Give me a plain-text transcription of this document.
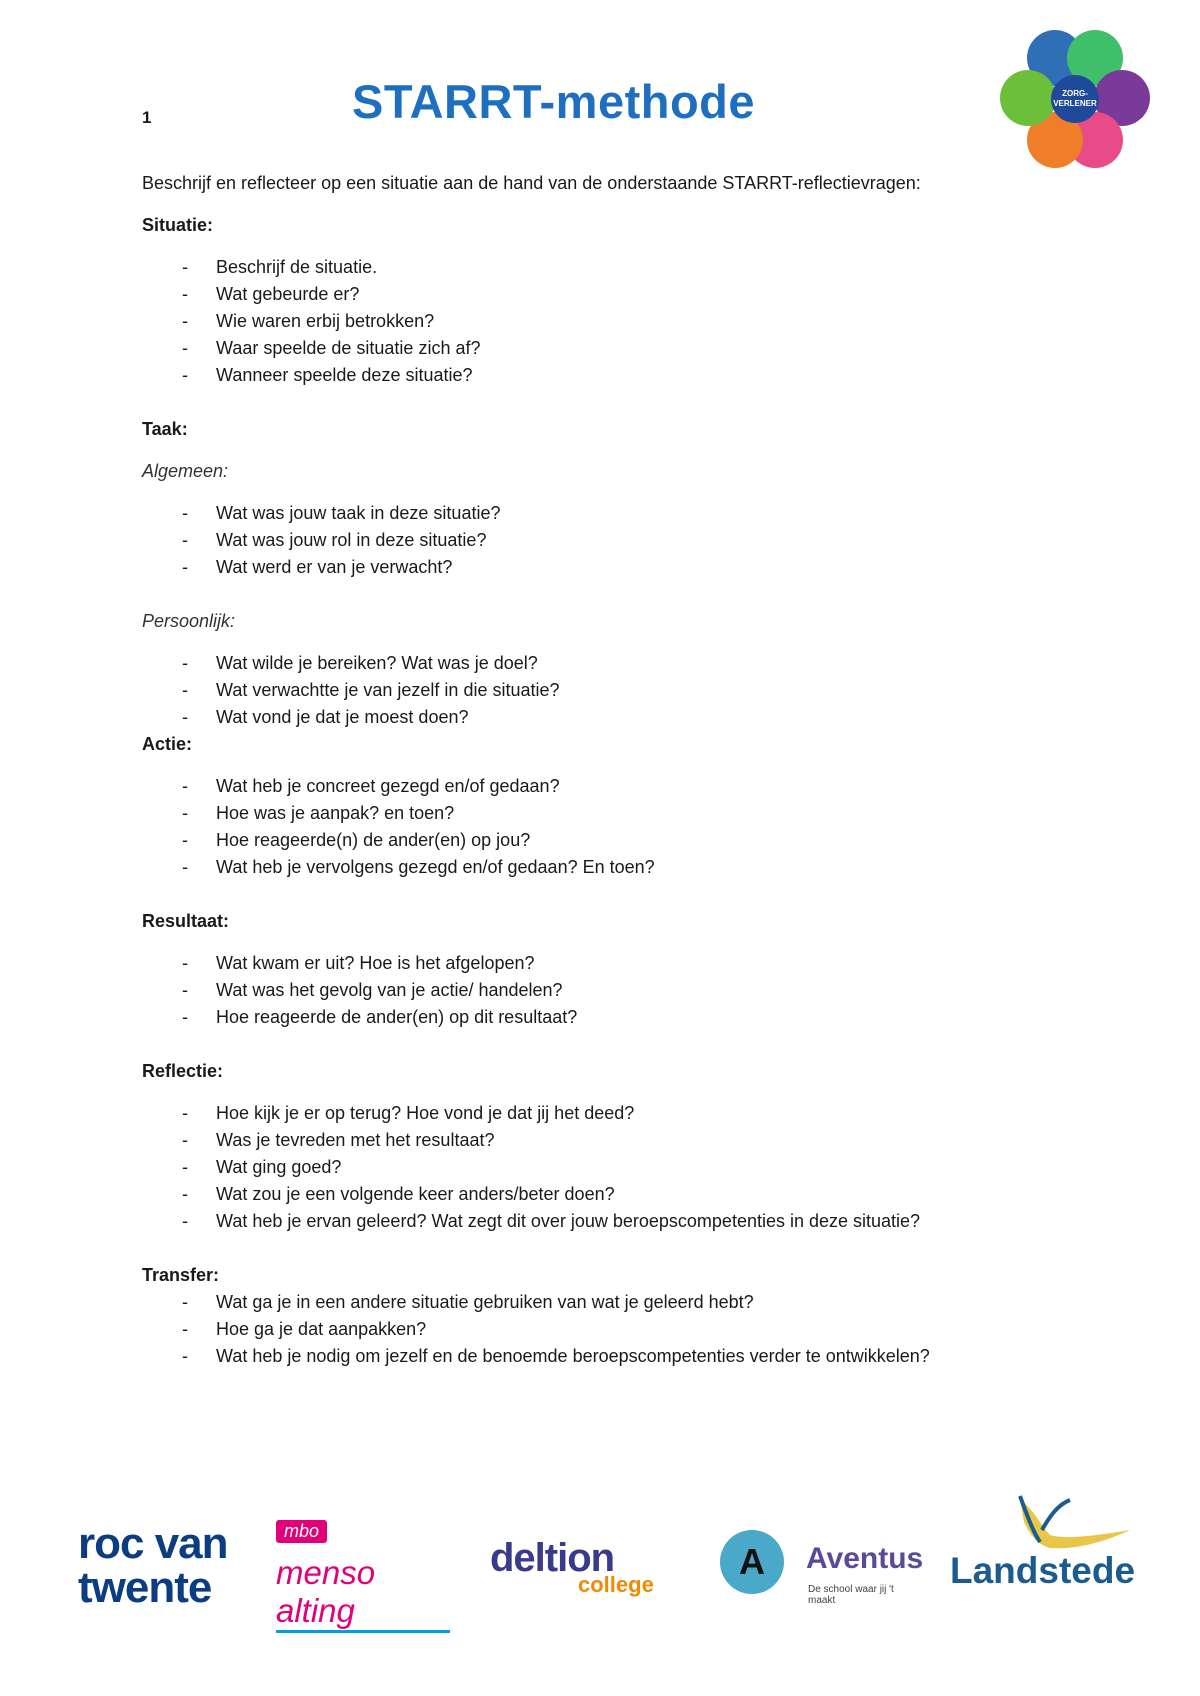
1	STARRT-methode	ZORG-
VERLENER

Beschrijf en reflecteer op een situatie aan de hand van de onderstaande STARRT-reflectievragen:

Situatie:

- Beschrijf de situatie.
- Wat gebeurde er?
- Wie waren erbij betrokken?
- Waar speelde de situatie zich af?
- Wanneer speelde deze situatie?

Taak:

Algemeen:

- Wat was jouw taak in deze situatie?
- Wat was jouw rol in deze situatie?
- Wat werd er van je verwacht?

Persoonlijk:

- Wat wilde je bereiken? Wat was je doel?
- Wat verwachtte je van jezelf in die situatie?
- Wat vond je dat je moest doen?

Actie:

- Wat heb je concreet gezegd en/of gedaan?
- Hoe was je aanpak? en toen?
- Hoe reageerde(n) de ander(en) op jou?
- Wat heb je vervolgens gezegd en/of gedaan? En toen?

Resultaat:

- Wat kwam er uit? Hoe is het afgelopen?
- Wat was het gevolg van je actie/ handelen?
- Hoe reageerde de ander(en) op dit resultaat?

Reflectie:

- Hoe kijk je er op terug? Hoe vond je dat jij het deed?
- Was je tevreden met het resultaat?
- Wat ging goed?
- Wat zou je een volgende keer anders/beter doen?
- Wat heb je ervan geleerd? Wat zegt dit over jouw beroepscompetenties in deze situatie?

Transfer:

- Wat ga je in een andere situatie gebruiken van wat je geleerd hebt?
- Hoe ga je dat aanpakken?
- Wat heb je nodig om jezelf en de benoemde beroepscompetenties verder te ontwikkelen?
roc van
twente
mbo
menso alting
deltion
college
A	Aventus
De school waar jij 't maakt
Landstede
